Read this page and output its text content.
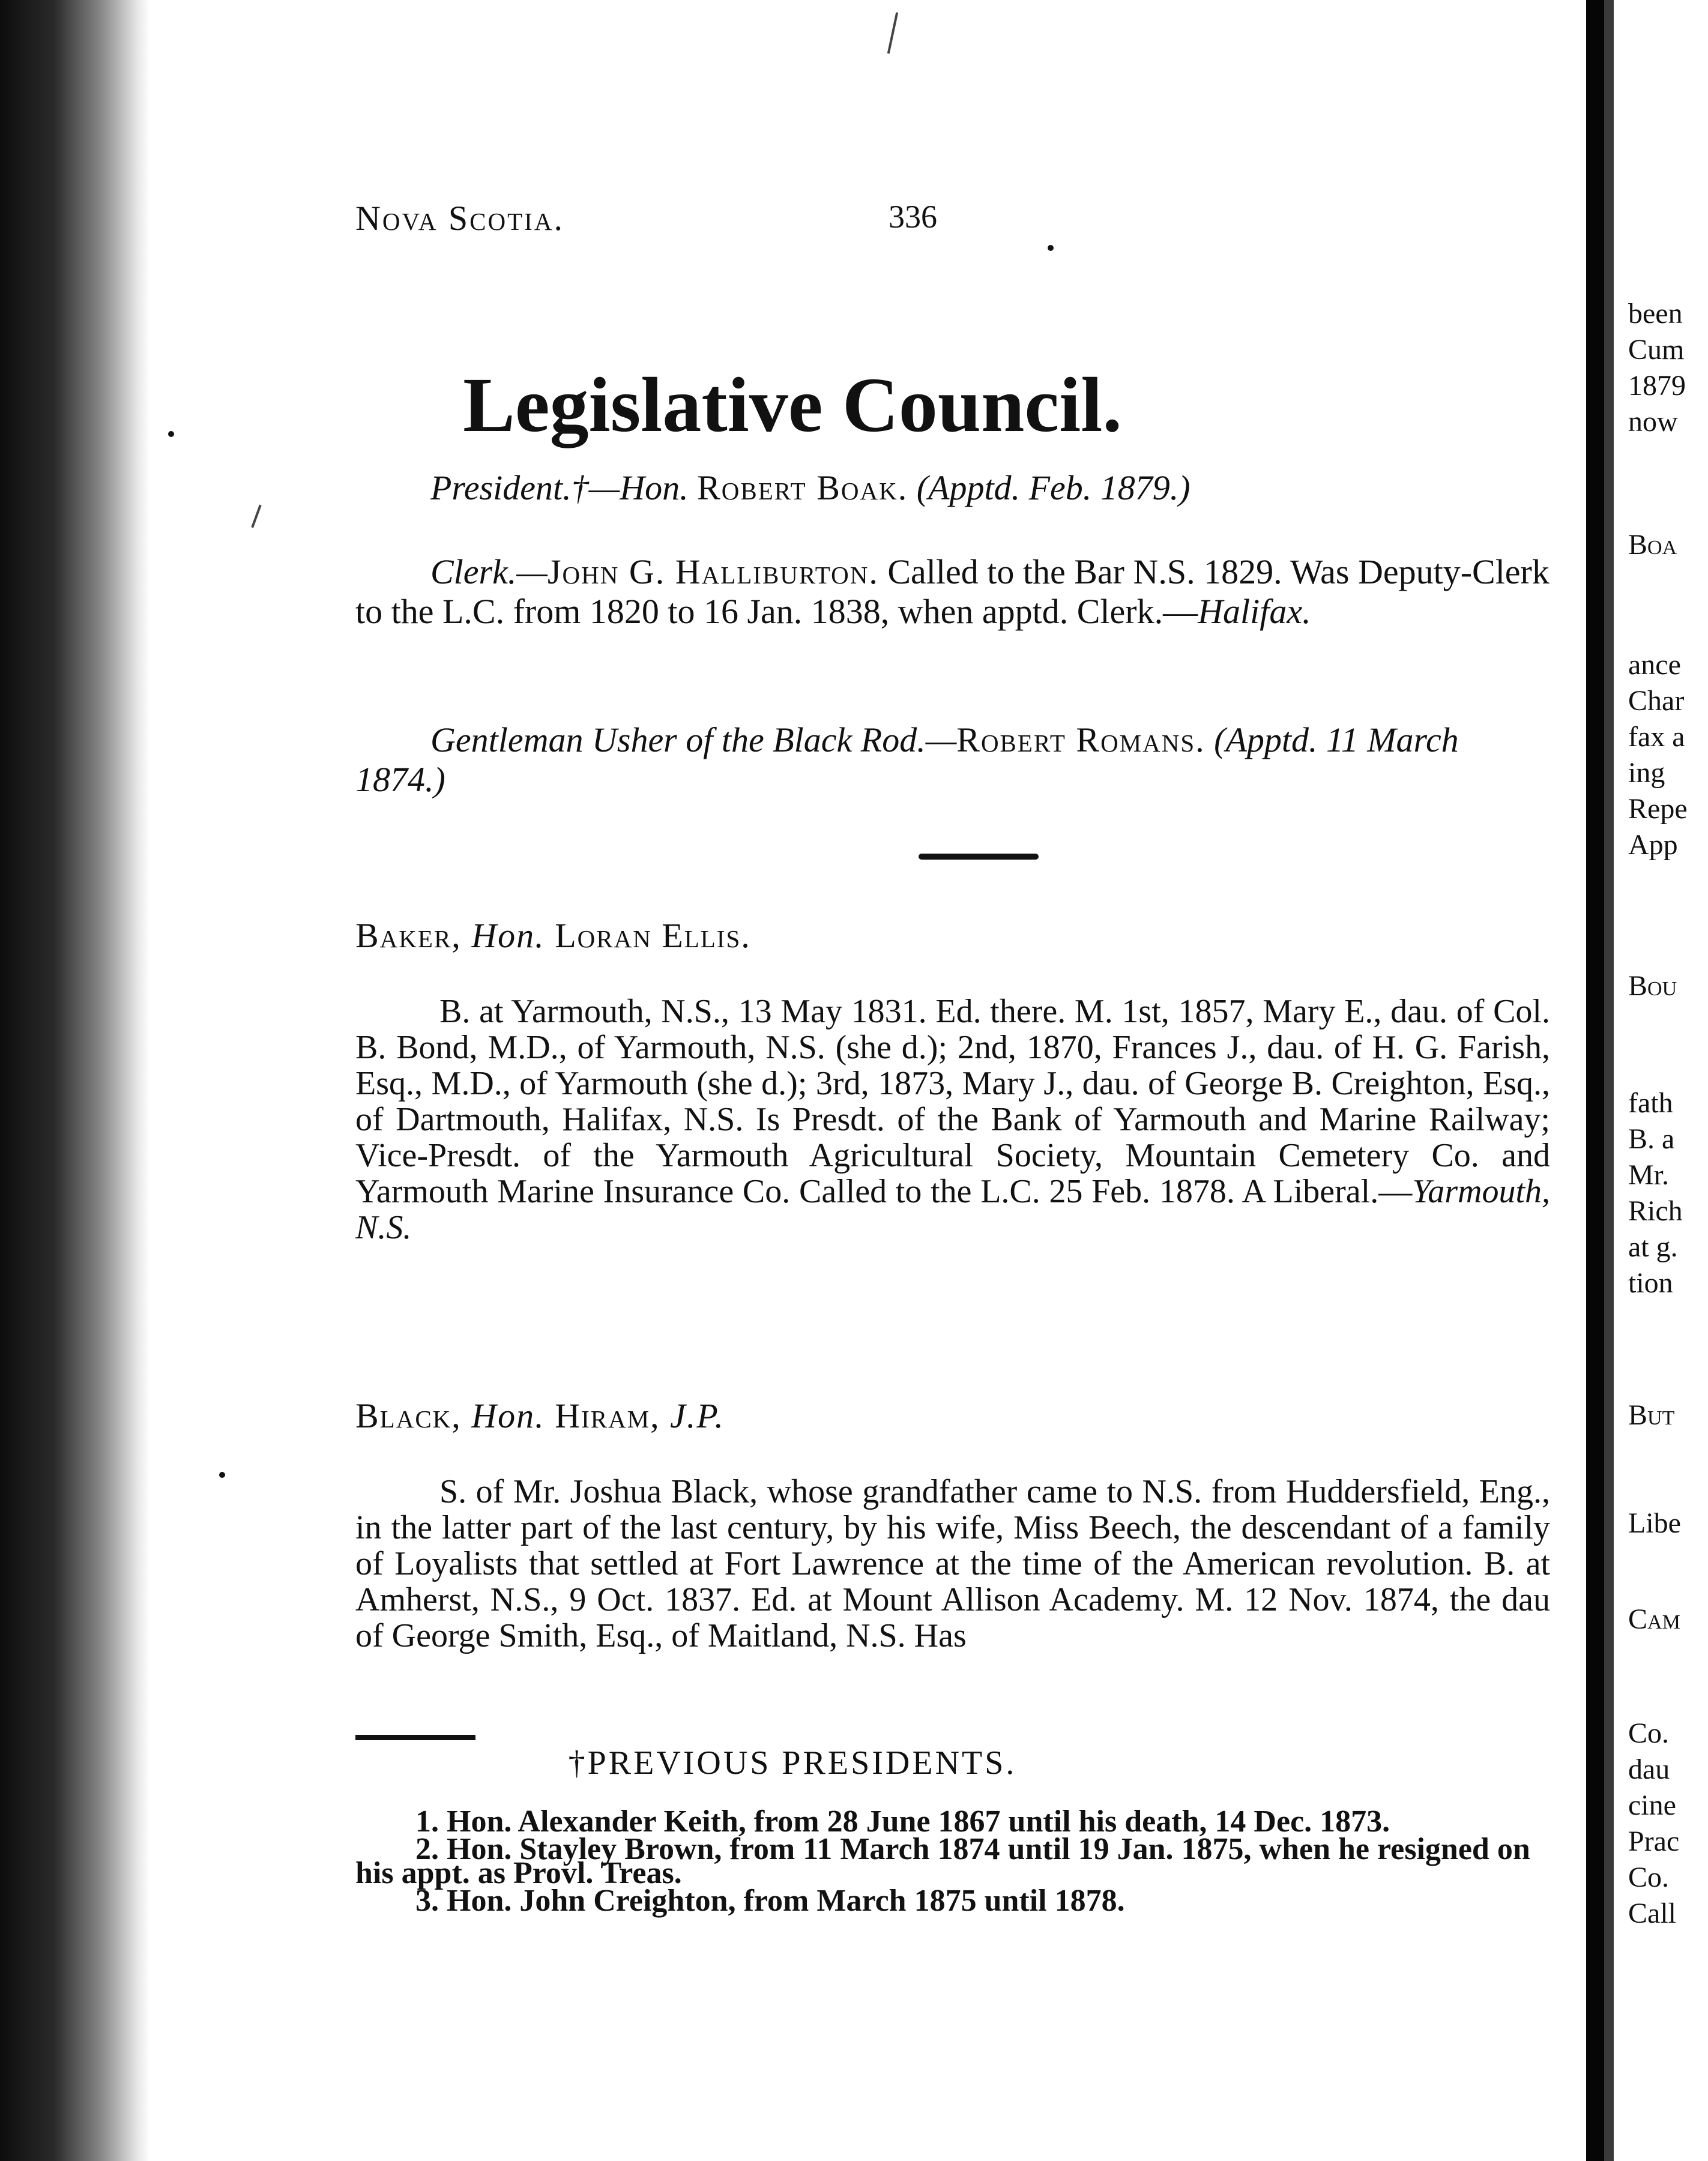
Nova Scotia.	336
Legislative Council.

President.†—Hon. Robert Boak. (Apptd. Feb. 1879.)

Clerk.—John G. Halliburton. Called to the Bar N.S. 1829. Was Deputy-Clerk to the L.C. from 1820 to 16 Jan. 1838, when apptd. Clerk.—Halifax.

Gentleman Usher of the Black Rod.—Robert Romans. (Apptd. 11 March 1874.)

Baker, Hon. Loran Ellis.
B. at Yarmouth, N.S., 13 May 1831. Ed. there. M. 1st, 1857, Mary E., dau. of Col. B. Bond, M.D., of Yarmouth, N.S. (she d.); 2nd, 1870, Frances J., dau. of H. G. Farish, Esq., M.D., of Yarmouth (she d.); 3rd, 1873, Mary J., dau. of George B. Creighton, Esq., of Dartmouth, Halifax, N.S. Is Presdt. of the Bank of Yarmouth and Marine Railway; Vice-Presdt. of the Yarmouth Agricultural Society, Mountain Cemetery Co. and Yarmouth Marine Insurance Co. Called to the L.C. 25 Feb. 1878. A Liberal.—Yarmouth, N.S.
Black, Hon. Hiram, J.P.
S. of Mr. Joshua Black, whose grandfather came to N.S. from Huddersfield, Eng., in the latter part of the last century, by his wife, Miss Beech, the descendant of a family of Loyalists that settled at Fort Lawrence at the time of the American revolution. B. at Amherst, N.S., 9 Oct. 1837. Ed. at Mount Allison Academy. M. 12 Nov. 1874, the dau of George Smith, Esq., of Maitland, N.S. Has
†PREVIOUS PRESIDENTS.

1. Hon. Alexander Keith, from 28 June 1867 until his death, 14 Dec. 1873.

2. Hon. Stayley Brown, from 11 March 1874 until 19 Jan. 1875, when he resigned on his appt. as Provl. Treas.

3. Hon. John Creighton, from March 1875 until 1878.

been
Cum
1879
now
Boa
ance
Char
fax a
ing
Repe
App
Bou
fath
B. a
Mr.
Rich
at g.
tion
But
Libe
Cam
Co.
dau
cine
Prac
Co.
Call
